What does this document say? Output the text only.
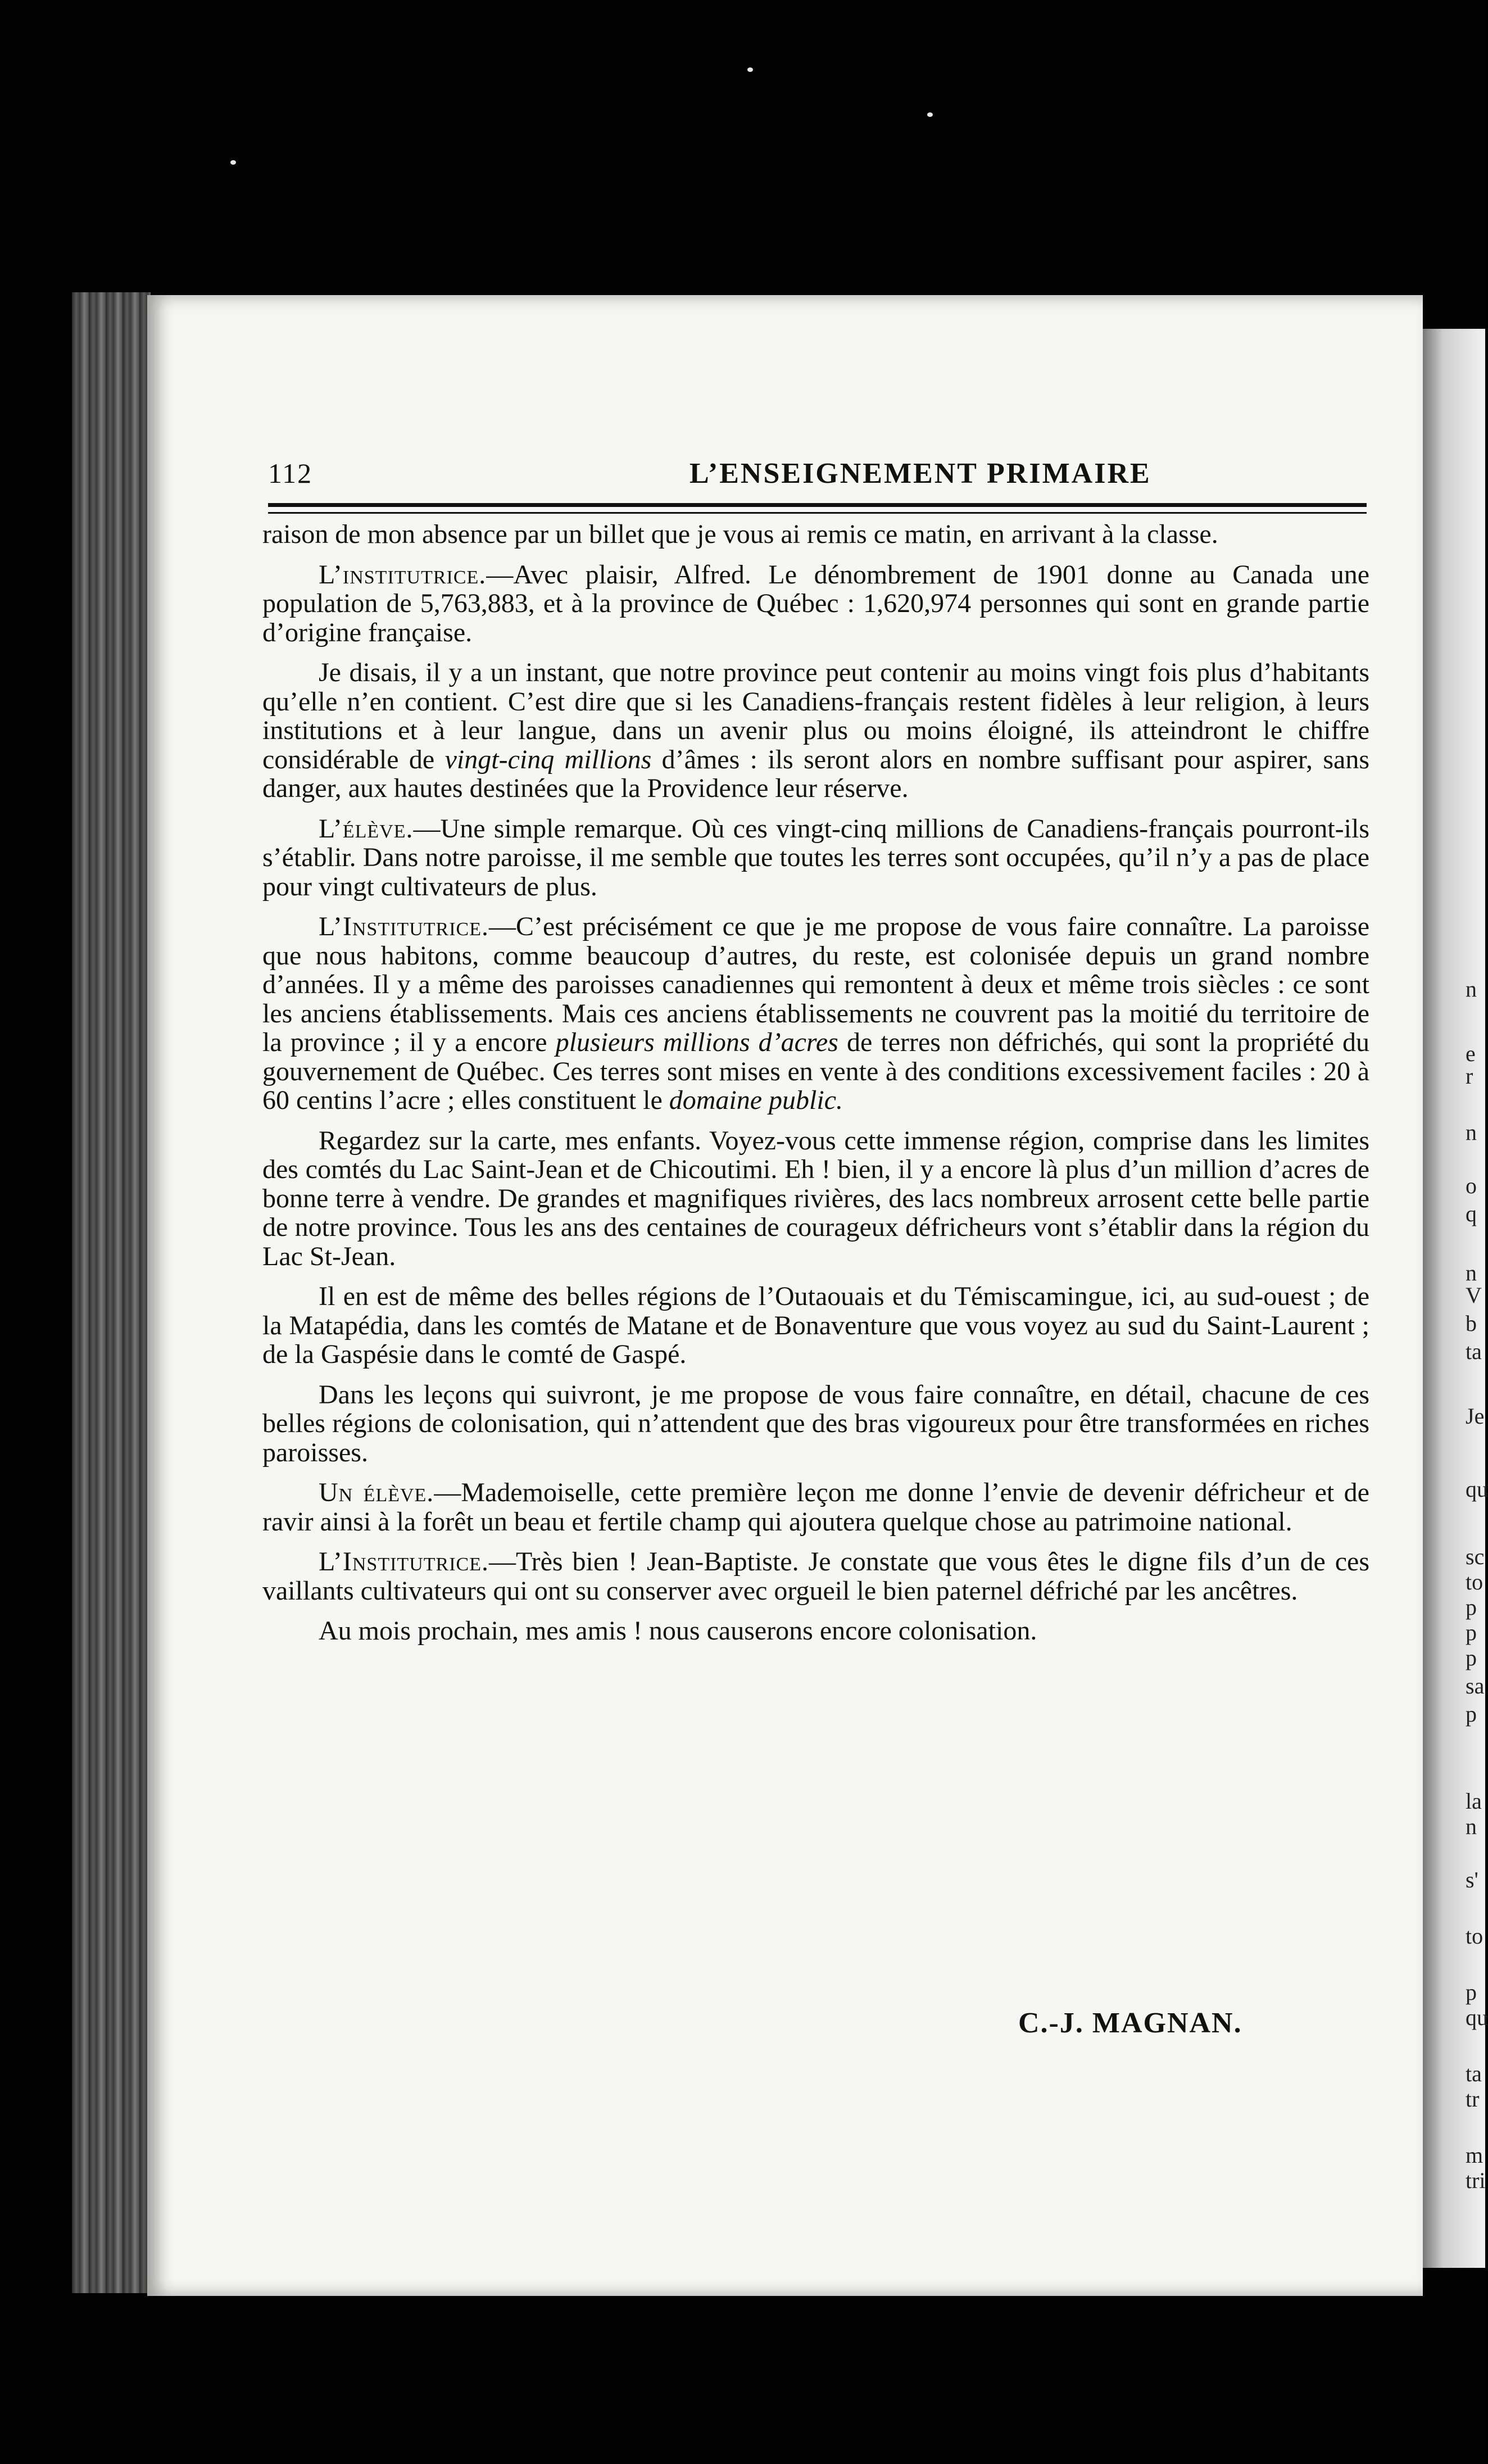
n
e
r
n
o
q
n
V
b
ta
Je
qu
sc
to
p
p
p
sa
p
la
n
s'
to
p
qu
ta
tr
m
tri
112	L’ENSEIGNEMENT PRIMAIRE

raison de mon absence par un billet que je vous ai remis ce matin, en arrivant à la classe.

L’institutrice.—Avec plaisir, Alfred. Le dénombrement de 1901 donne au Canada une population de 5,763,883, et à la province de Québec : 1,620,974 personnes qui sont en grande partie d’origine française.

Je disais, il y a un instant, que notre province peut contenir au moins vingt fois plus d’habitants qu’elle n’en contient. C’est dire que si les Canadiens-français restent fidèles à leur religion, à leurs institutions et à leur langue, dans un avenir plus ou moins éloigné, ils atteindront le chiffre considérable de vingt-cinq millions d’âmes : ils seront alors en nombre suffisant pour aspirer, sans danger, aux hautes destinées que la Providence leur réserve.

L’élève.—Une simple remarque. Où ces vingt-cinq millions de Canadiens-français pourront-ils s’établir. Dans notre paroisse, il me semble que toutes les terres sont occupées, qu’il n’y a pas de place pour vingt cultivateurs de plus.

L’Institutrice.—C’est précisément ce que je me propose de vous faire connaître. La paroisse que nous habitons, comme beaucoup d’autres, du reste, est colonisée depuis un grand nombre d’années. Il y a même des paroisses canadiennes qui remontent à deux et même trois siècles : ce sont les anciens établissements. Mais ces anciens établissements ne couvrent pas la moitié du territoire de la province ; il y a encore plusieurs millions d’acres de terres non défrichés, qui sont la propriété du gouvernement de Québec. Ces terres sont mises en vente à des conditions excessivement faciles : 20 à 60 centins l’acre ; elles constituent le domaine public.

Regardez sur la carte, mes enfants. Voyez-vous cette immense région, comprise dans les limites des comtés du Lac Saint-Jean et de Chicoutimi. Eh ! bien, il y a encore là plus d’un million d’acres de bonne terre à vendre. De grandes et magnifiques rivières, des lacs nombreux arrosent cette belle partie de notre province. Tous les ans des centaines de courageux défricheurs vont s’établir dans la région du Lac St-Jean.

Il en est de même des belles régions de l’Outaouais et du Témiscamingue, ici, au sud-ouest ; de la Matapédia, dans les comtés de Matane et de Bonaventure que vous voyez au sud du Saint-Laurent ; de la Gaspésie dans le comté de Gaspé.

Dans les leçons qui suivront, je me propose de vous faire connaître, en détail, chacune de ces belles régions de colonisation, qui n’attendent que des bras vigoureux pour être transformées en riches paroisses.

Un élève.—Mademoiselle, cette première leçon me donne l’envie de devenir défricheur et de ravir ainsi à la forêt un beau et fertile champ qui ajoutera quelque chose au patrimoine national.

L’Institutrice.—Très bien ! Jean-Baptiste. Je constate que vous êtes le digne fils d’un de ces vaillants cultivateurs qui ont su conserver avec orgueil le bien paternel défriché par les ancêtres.

Au mois prochain, mes amis ! nous causerons encore colonisation.

C.-J. MAGNAN.
